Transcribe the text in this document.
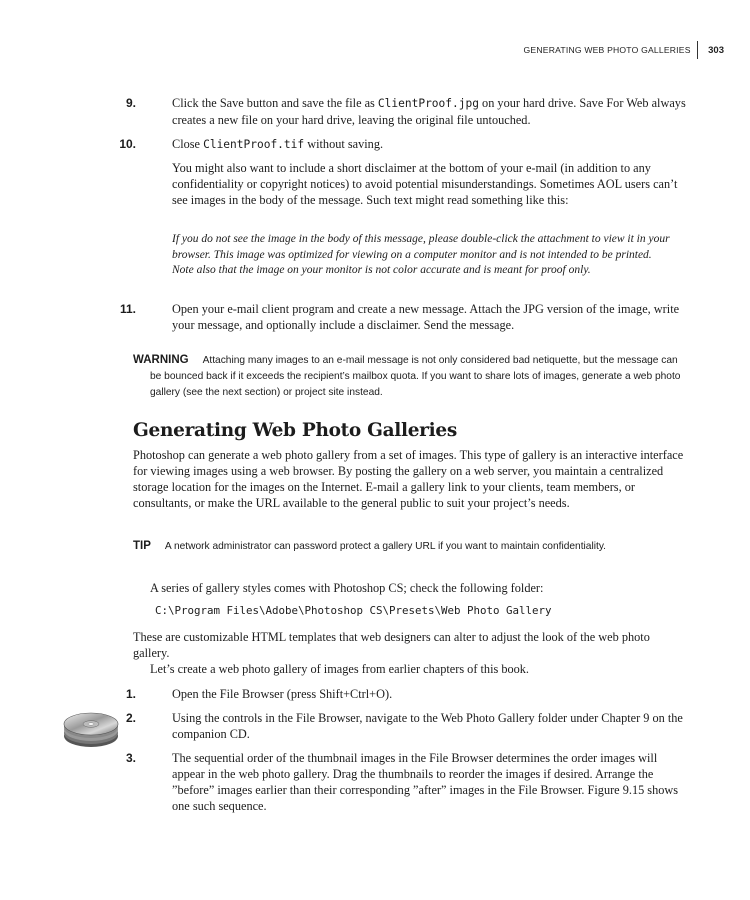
GENERATING WEB PHOTO GALLERIES 303
9.	Click the Save button and save the file as ClientProof.jpg on your hard drive. Save For Web always creates a new file on your hard drive, leaving the original file untouched.
10.	Close ClientProof.tif without saving.
You might also want to include a short disclaimer at the bottom of your e-mail (in addition to any confidentiality or copyright notices) to avoid potential misunderstandings. Sometimes AOL users can’t see images in the body of the message. Such text might read something like this:
If you do not see the image in the body of this message, please double-click the attachment to view it in your browser. This image was optimized for viewing on a computer monitor and is not intended to be printed. Note also that the image on your monitor is not color accurate and is meant for proof only.
11.	Open your e-mail client program and create a new message. Attach the JPG version of the image, write your message, and optionally include a disclaimer. Send the message.
WARNING Attaching many images to an e-mail message is not only considered bad netiquette, but the message can be bounced back if it exceeds the recipient’s mailbox quota. If you want to share lots of images, generate a web photo gallery (see the next section) or project site instead.
Generating Web Photo Galleries
Photoshop can generate a web photo gallery from a set of images. This type of gallery is an interactive interface for viewing images using a web browser. By posting the gallery on a web server, you maintain a centralized storage location for the images on the Internet. E-mail a gallery link to your clients, team members, or consultants, or make the URL available to the general public to suit your project’s needs.
TIP A network administrator can password protect a gallery URL if you want to maintain confidentiality.
A series of gallery styles comes with Photoshop CS; check the following folder:
C:\Program Files\Adobe\Photoshop CS\Presets\Web Photo Gallery
These are customizable HTML templates that web designers can alter to adjust the look of the web photo gallery.
Let’s create a web photo gallery of images from earlier chapters of this book.
1.	Open the File Browser (press Shift+Ctrl+O).
2.	Using the controls in the File Browser, navigate to the Web Photo Gallery folder under Chapter 9 on the companion CD.
3.	The sequential order of the thumbnail images in the File Browser determines the order images will appear in the web photo gallery. Drag the thumbnails to reorder the images if desired. Arrange the ”before” images earlier than their corresponding ”after” images in the File Browser. Figure 9.15 shows one such sequence.
